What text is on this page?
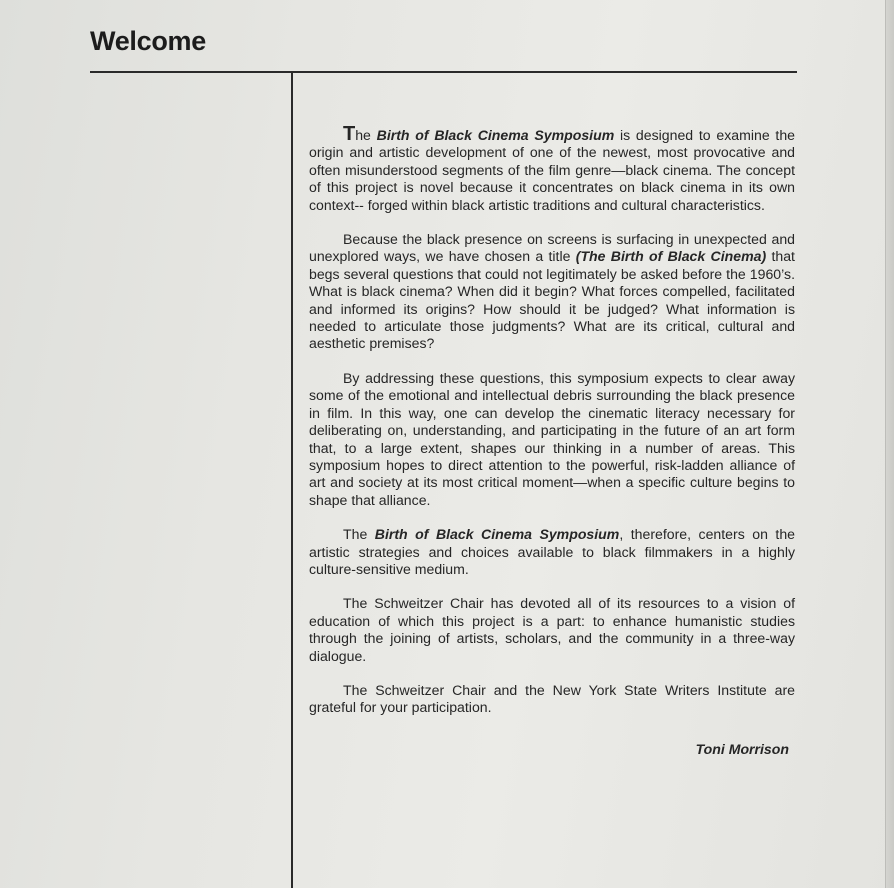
Welcome

The Birth of Black Cinema Symposium is designed to examine the origin and artistic development of one of the newest, most provocative and often misunderstood segments of the film genre—black cinema. The concept of this project is novel because it concentrates on black cinema in its own context-- forged within black artistic traditions and cultural characteristics.

Because the black presence on screens is surfacing in unexpected and unexplored ways, we have chosen a title (The Birth of Black Cinema) that begs several questions that could not legitimately be asked before the 1960’s. What is black cinema? When did it begin? What forces compelled, facilitated and informed its origins? How should it be judged? What information is needed to articulate those judgments? What are its critical, cultural and aesthetic premises?

By addressing these questions, this symposium expects to clear away some of the emotional and intellectual debris surrounding the black presence in film. In this way, one can develop the cinematic literacy necessary for deliberating on, understanding, and participating in the future of an art form that, to a large extent, shapes our thinking in a number of areas. This symposium hopes to direct attention to the powerful, risk-ladden alliance of art and society at its most critical moment—when a specific culture begins to shape that alliance.

The Birth of Black Cinema Symposium, therefore, centers on the artistic strategies and choices available to black filmmakers in a highly culture-sensitive medium.

The Schweitzer Chair has devoted all of its resources to a vision of education of which this project is a part: to enhance humanistic studies through the joining of artists, scholars, and the community in a three-way dialogue.

The Schweitzer Chair and the New York State Writers Institute are grateful for your participation.

Toni Morrison
